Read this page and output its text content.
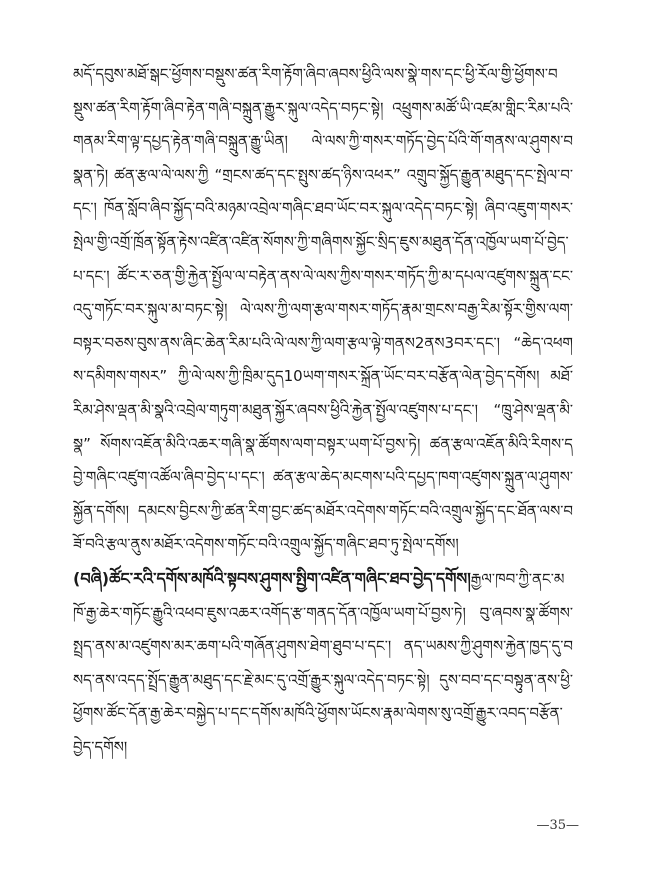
མདོ་དབུས་མཐོ་སྒང་ཕྱོགས་བསྡུས་ཚན་རིག་རྟོག་ཞིབ་ཞབས་ཕྱིའི་ལས་སྣེ་གས་དང་ཕྱི་རོལ་གྱི་ཕྱོགས་བསྡུས་ཚན་རིག་རྟོག་ཞིབ་རྟེན་གཞི་བསྐྲུན་རྒྱུར་སྐུལ་འདེད་བཏང་སྟེ། འཕྲུགས་མཚོ་ཡི་འཛམ་གླིང་རིམ་པའི་གནམ་རིག་ལྟ་དཔྱད་རྟེན་གཞི་བསྐྲུན་རྒྱུ་ཡིན། ལེ་ལས་ཀྱི་གསར་གཏོད་བྱེད་པོའི་གོ་གནས་ལ་ཤུགས་བསྣན་ཏེ། ཚན་རྩལ་ལེ་ལས་ཀྱི “གྲངས་ཚད་དང་སྤུས་ཚད་ཉིས་འཕར” འགྲུབ་སྐྱོད་རྒྱུན་མཐུད་དང་སྤེལ་བ་དང་། ཁོན་སློབ་ཞིབ་སྐྱོད་བའི་མཉམ་འབྲེལ་གཞིང་ཐབ་ཡོང་བར་སྐུལ་འདེད་བཏང་སྟེ། ཞིབ་འཇུག་གསར་སྤེལ་གྱི་འགྲོ་ཁྲོན་སྟོན་རྟེས་འཛིན་འཛིན་སོགས་ཀྱི་གཞིགས་སྐྱོང་སྲིད་ཇུས་མཐུན་དོན་འཁྱོལ་ཡག་པོ་བྱེད་པ་དང་། ཚོང་ར་ཅན་གྱི་རྐྱེན་སྤྱོལ་ལ་བརྟེན་ནས་ལེ་ལས་ཀྱིས་གསར་གཏོད་ཀྱི་མ་དཔལ་འཛུགས་སྐྲུན་ངང་འདུ་གཏོང་བར་སྐུལ་མ་བཏང་སྟེ། ལེ་ལས་ཀྱི་ལག་རྩལ་གསར་གཏོད་རྣམ་གྲངས་བརྒྱ་རིམ་སྟོར་གྱིས་ལག་བསྟར་བཅས་བུས་ནས་ཞིང་ཆེན་རིམ་པའི་ལེ་ལས་ཀྱི་ལག་རྩལ་ལྟེ་གནས2ནས3བར་དང་། “ཆེད་འཕགས་དམིགས་གསར” ཀྱི་ལེ་ལས་ཀྱི་ཁྲིམ་དུད10ཡག་གསར་སྐྲོན་ཡོང་བར་བརྩོན་ལེན་བྱེད་དགོས། མཐོ་རིམ་ཤེས་ལྡན་མི་སྣའི་འབྲེལ་གཏུག་མཐུན་སྐྱོར་ཞབས་ཕྱིའི་རྐྱེན་སྤྱོལ་འཛུགས་པ་དང་། “ཁྲུ་ཤེས་ལྡན་མི་སྣ” སོགས་འཇོན་མིའི་འཆར་གཞི་སྣ་ཚོགས་ལག་བསྟར་ཡག་པོ་བྱས་ཏེ། ཚན་རྩལ་འཇོན་མིའི་རིགས་དབྱེ་གཞིང་འཛུག་འཚོལ་ཞིབ་བྱེད་པ་དང་། ཚན་རྩལ་ཆེད་མངགས་པའི་དཔྱད་ཁག་འཛུགས་སྐྲུན་ལ་ཤུགས་སྐྱོན་དགོས། དམངས་བྱིངས་ཀྱི་ཚན་རིག་བྱང་ཚད་མཐོར་འདེགས་གཏོང་བའི་འགྲུལ་སྐྱོད་དང་ཐོན་ལས་བཟོ་བའི་རྩལ་ནུས་མཐོར་འདེགས་གཏོང་བའི་འགྲུལ་སྐྱོད་གཞིང་ཐབ་ཏུ་སྤེལ་དགོས།

(བཞི)ཚོང་རའི་དགོས་མཁོའི་སྟབས་ཤུགས་སྤྱིག་འཛིན་གཞིང་ཐབ་བྱེད་དགོས།རྒྱལ་ཁབ་ཀྱི་ནང་མཁོ་རྒྱ་ཆེར་གཏོང་རྒྱུའི་འཕབ་ཇུས་འཆར་འགོད་རྩ་གནད་དོན་འཁྱོལ་ཡག་པོ་བྱས་ཏེ། བུ་ཞབས་སྣ་ཚོགས་སྤྲད་ནས་མ་འཛུགས་མར་ཆག་པའི་གཞོན་ཤུགས་ཐེག་ཐུབ་པ་དང་། ནད་ཡམས་ཀྱི་ཤུགས་རྐྱེན་ཁྱད་དུ་བསད་ནས་འདད་སྤྲོད་རྒྱུན་མཐུད་དང་རྗེ་མང་དུ་འགྲོ་རྒྱུར་སྐུལ་འདེད་བཏང་སྟེ། དུས་བབ་དང་བསྟུན་ནས་ཕྱི་ཕྱོགས་ཚོང་དོན་རྒྱ་ཆེར་བསྐྱེད་པ་དང་དགོས་མཁོའི་ཕྱོགས་ཡོངས་རྣམ་ལེགས་སུ་འགྲོ་རྒྱུར་འབད་བརྩོན་བྱེད་དགོས།

—35—
